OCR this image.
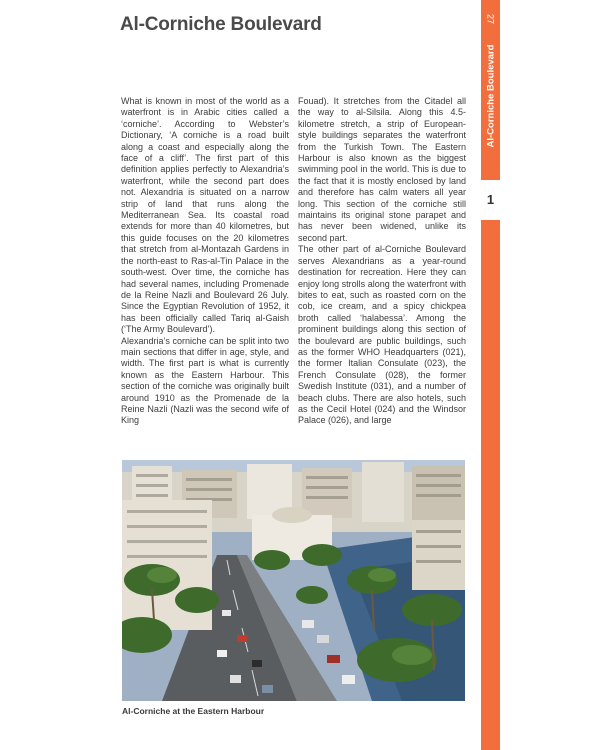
Al-Corniche Boulevard	27
Al-Corniche Boulevard
1

What is known in most of the world as a waterfront is in Arabic cities called a ‘corniche’. According to Webster’s Dictionary, ‘A corniche is a road built along a coast and especially along the face of a cliff’. The first part of this definition applies perfectly to Alexandria’s waterfront, while the second part does not. Alexandria is situated on a narrow strip of land that runs along the Mediterranean Sea. Its coastal road extends for more than 40 kilometres, but this guide focuses on the 20 kilometres that stretch from al-Montazah Gardens in the north-east to Ras-al-Tin Palace in the south-west. Over time, the corniche has had several names, including Promenade de la Reine Nazli and Boulevard 26 July. Since the Egyptian Revolution of 1952, it has been officially called Tariq al-Gaish (‘The Army Boulevard’).

Alexandria’s corniche can be split into two main sections that differ in age, style, and width. The first part is what is currently known as the Eastern Harbour. This section of the corniche was originally built around 1910 as the Promenade de la Reine Nazli (Nazli was the second wife of King

Fouad). It stretches from the Citadel all the way to al-Silsila. Along this 4.5-kilometre stretch, a strip of European-style buildings separates the waterfront from the Turkish Town. The Eastern Harbour is also known as the biggest swimming pool in the world. This is due to the fact that it is mostly enclosed by land and therefore has calm waters all year long. This section of the corniche still maintains its original stone parapet and has never been widened, unlike its second part.

The other part of al-Corniche Boulevard serves Alexandrians as a year-round destination for recreation. Here they can enjoy long strolls along the waterfront with bites to eat, such as roasted corn on the cob, ice cream, and a spicy chickpea broth called ‘halabessa’. Among the prominent buildings along this section of the boulevard are public buildings, such as the former WHO Headquarters (021), the former Italian Consulate (023), the French Consulate (028), the former Swedish Institute (031), and a number of beach clubs. There are also hotels, such as the Cecil Hotel (024) and the Windsor Palace (026), and large

Al-Corniche at the Eastern Harbour
